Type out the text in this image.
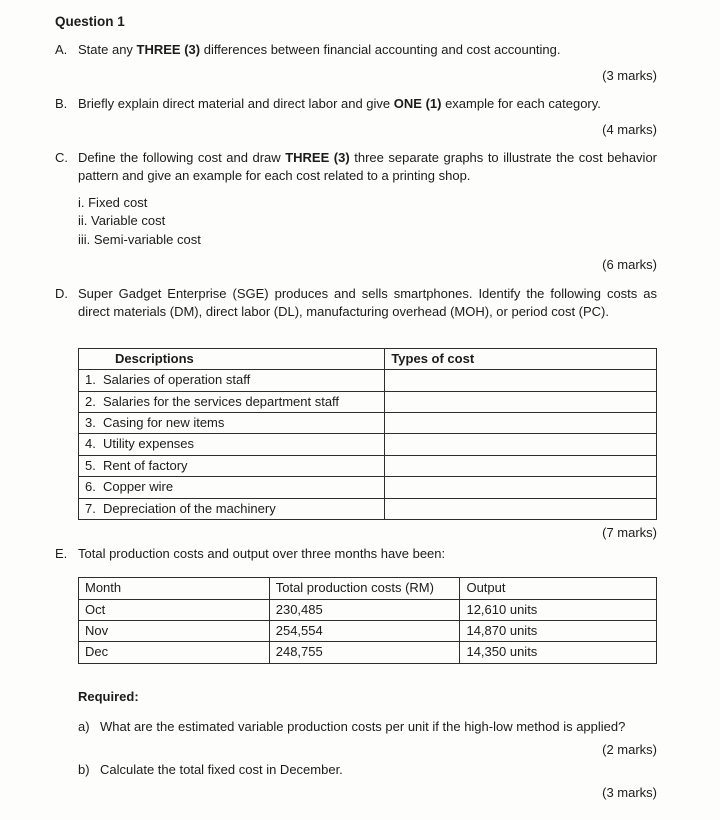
Question 1
A. State any THREE (3) differences between financial accounting and cost accounting.
(3 marks)
B. Briefly explain direct material and direct labor and give ONE (1) example for each category.
(4 marks)
C. Define the following cost and draw THREE (3) three separate graphs to illustrate the cost behavior pattern and give an example for each cost related to a printing shop.
i. Fixed cost
ii. Variable cost
iii. Semi-variable cost
(6 marks)
D. Super Gadget Enterprise (SGE) produces and sells smartphones. Identify the following costs as direct materials (DM), direct labor (DL), manufacturing overhead (MOH), or period cost (PC).
Descriptions	Types of cost
1. Salaries of operation staff	
2. Salaries for the services department staff	
3. Casing for new items	
4. Utility expenses	
5. Rent of factory	
6. Copper wire	
7. Depreciation of the machinery	
(7 marks)
E. Total production costs and output over three months have been:
Month	Total production costs (RM)	Output
Oct	230,485	12,610 units
Nov	254,554	14,870 units
Dec	248,755	14,350 units
Required:
a) What are the estimated variable production costs per unit if the high-low method is applied?
(2 marks)
b) Calculate the total fixed cost in December.
(3 marks)
